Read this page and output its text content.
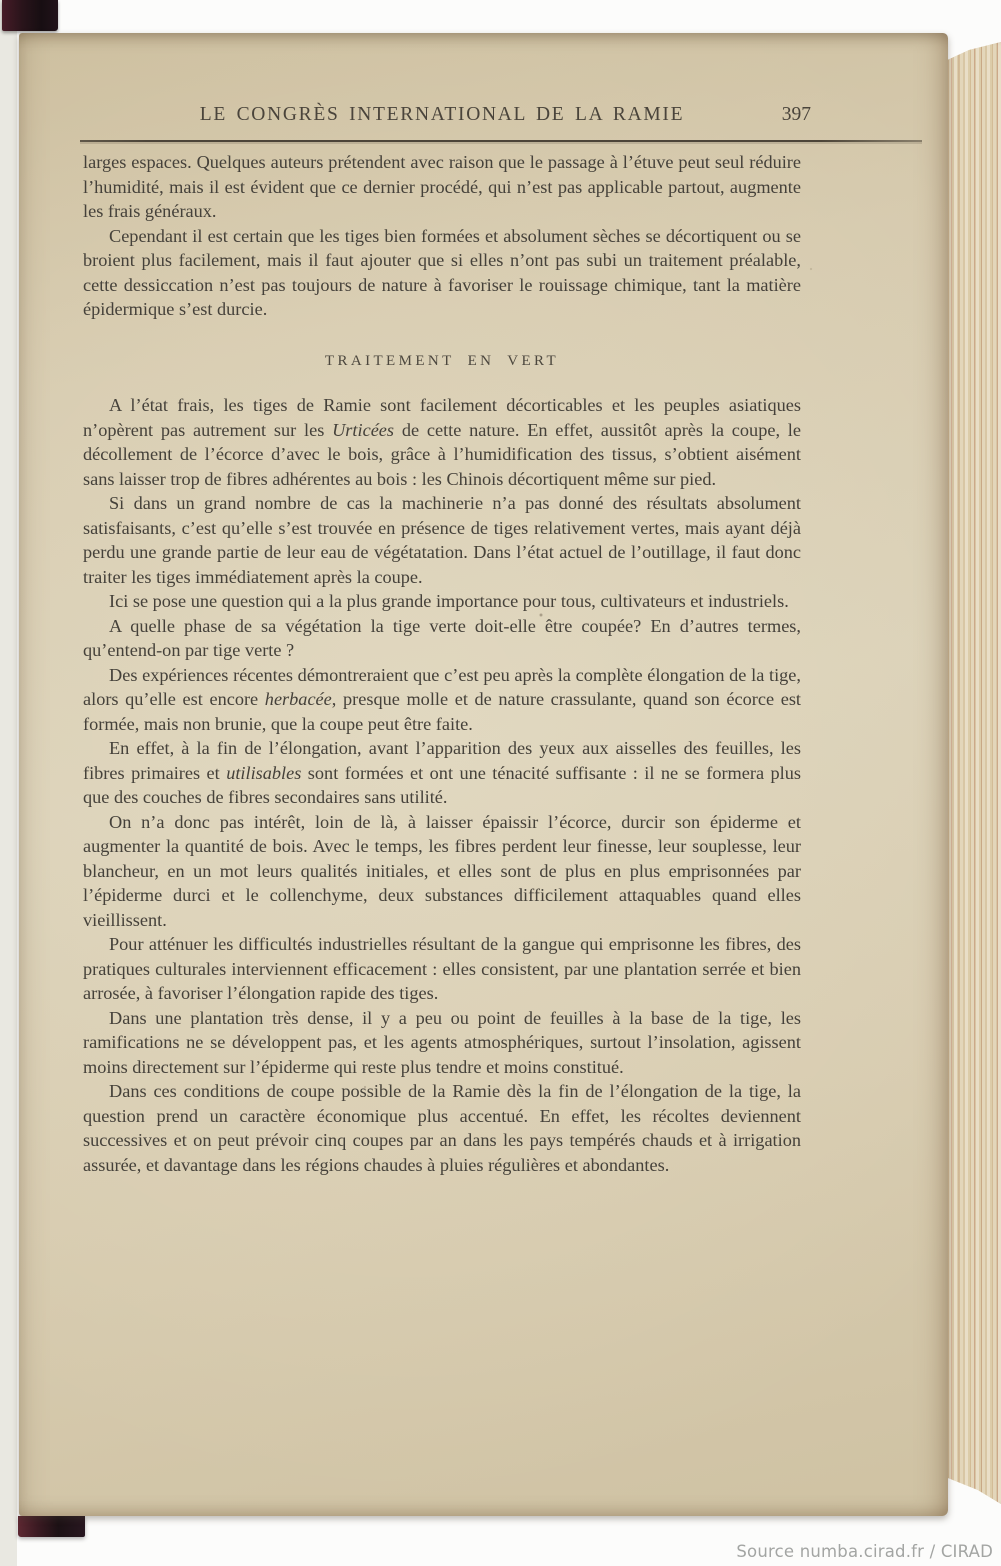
LE CONGRÈS INTERNATIONAL DE LA RAMIE	397

larges espaces. Quelques auteurs prétendent avec raison que le passage à l’étuve peut seul réduire l’humidité, mais il est évident que ce dernier procédé, qui n’est pas applicable partout, augmente les frais généraux.

Cependant il est certain que les tiges bien formées et absolument sèches se décortiquent ou se broient plus facilement, mais il faut ajouter que si elles n’ont pas subi un traitement préalable, cette dessiccation n’est pas toujours de nature à favoriser le rouissage chimique, tant la matière épidermique s’est durcie.

TRAITEMENT EN VERT

A l’état frais, les tiges de Ramie sont facilement décorticables et les peuples asiatiques n’opèrent pas autrement sur les Urticées de cette nature. En effet, aussitôt après la coupe, le décollement de l’écorce d’avec le bois, grâce à l’humidification des tissus, s’obtient aisément sans laisser trop de fibres adhérentes au bois : les Chinois décortiquent même sur pied.

Si dans un grand nombre de cas la machinerie n’a pas donné des résultats absolument satisfaisants, c’est qu’elle s’est trouvée en présence de tiges relativement vertes, mais ayant déjà perdu une grande partie de leur eau de végétatation. Dans l’état actuel de l’outillage, il faut donc traiter les tiges immédiatement après la coupe.

Ici se pose une question qui a la plus grande importance pour tous, cultivateurs et industriels.

A quelle phase de sa végétation la tige verte doit-elle être coupée? En d’autres termes, qu’entend-on par tige verte ?

Des expériences récentes démontreraient que c’est peu après la complète élongation de la tige, alors qu’elle est encore herbacée, presque molle et de nature crassulante, quand son écorce est formée, mais non brunie, que la coupe peut être faite.

En effet, à la fin de l’élongation, avant l’apparition des yeux aux aisselles des feuilles, les fibres primaires et utilisables sont formées et ont une ténacité suffisante : il ne se formera plus que des couches de fibres secondaires sans utilité.

On n’a donc pas intérêt, loin de là, à laisser épaissir l’écorce, durcir son épiderme et augmenter la quantité de bois. Avec le temps, les fibres perdent leur finesse, leur souplesse, leur blancheur, en un mot leurs qualités initiales, et elles sont de plus en plus emprisonnées par l’épiderme durci et le collenchyme, deux substances difficilement attaquables quand elles vieillissent.

Pour atténuer les difficultés industrielles résultant de la gangue qui emprisonne les fibres, des pratiques culturales interviennent efficacement : elles consistent, par une plantation serrée et bien arrosée, à favoriser l’élongation rapide des tiges.

Dans une plantation très dense, il y a peu ou point de feuilles à la base de la tige, les ramifications ne se développent pas, et les agents atmosphériques, surtout l’insolation, agissent moins directement sur l’épiderme qui reste plus tendre et moins constitué.

Dans ces conditions de coupe possible de la Ramie dès la fin de l’élongation de la tige, la question prend un caractère économique plus accentué. En effet, les récoltes deviennent successives et on peut prévoir cinq coupes par an dans les pays tempérés chauds et à irrigation assurée, et davantage dans les régions chaudes à pluies régulières et abondantes.

Source numba.cirad.fr / CIRAD
